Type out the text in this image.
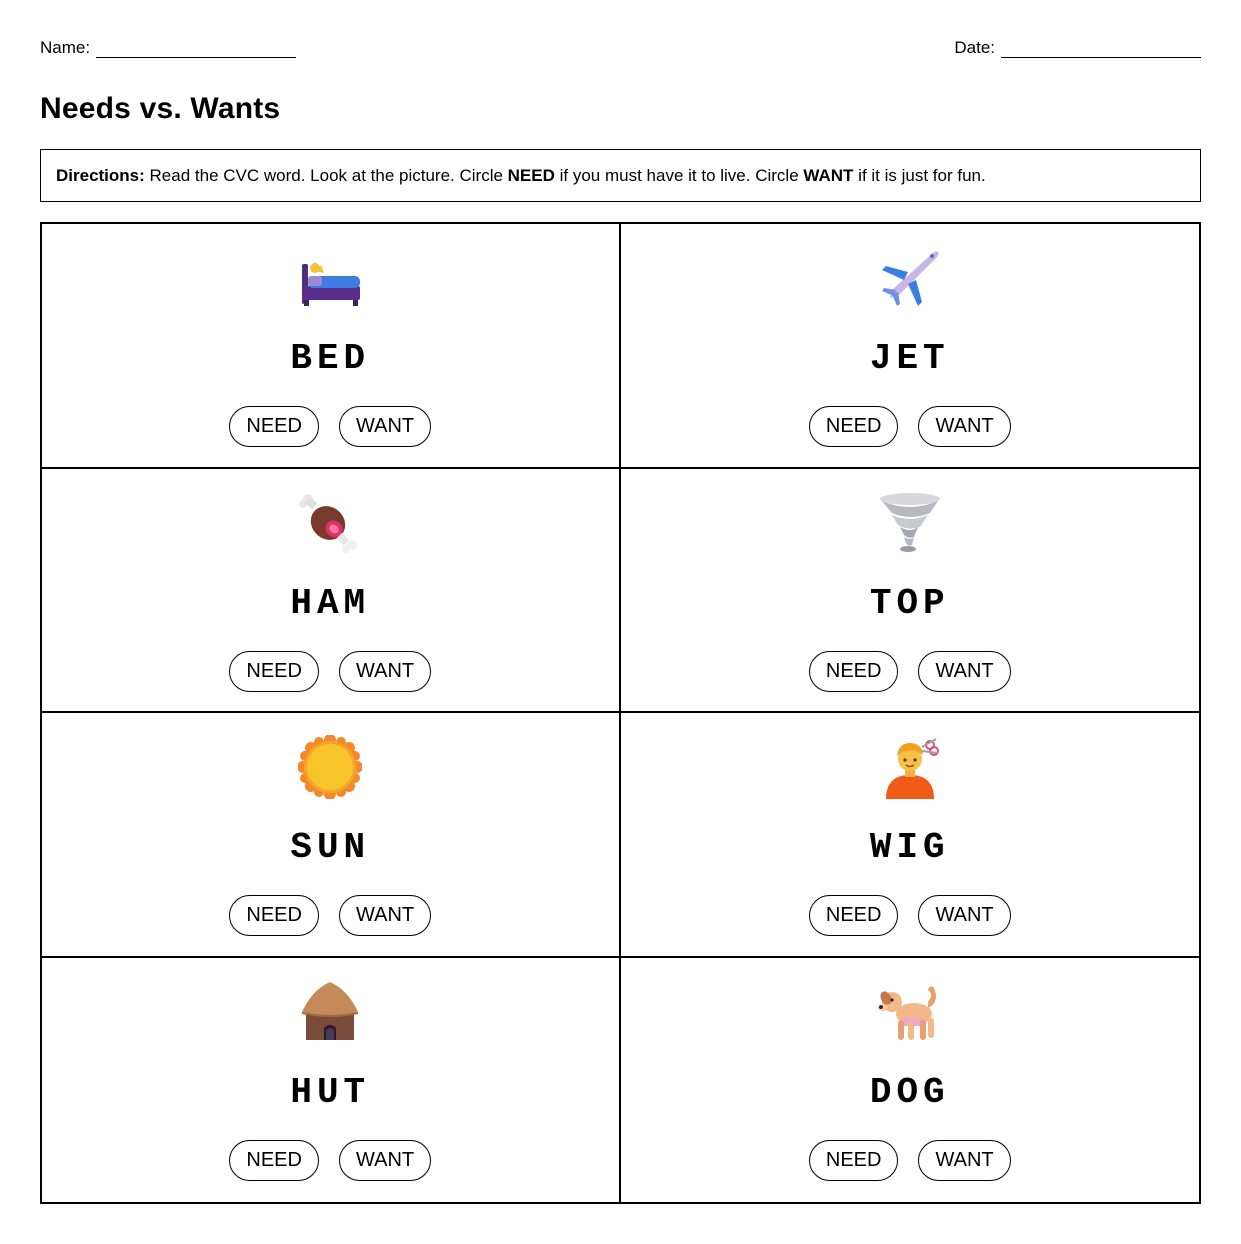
Name:	Date:
Needs vs. Wants
Directions:
Read the CVC word. Look at the picture. Circle
NEED
if you must have it to live. Circle
WANT
if it is just for fun.
BED
NEED	WANT
JET
NEED	WANT
HAM
NEED	WANT
TOP
NEED	WANT
SUN
NEED	WANT
WIG
NEED	WANT
HUT
NEED	WANT
DOG
NEED	WANT
